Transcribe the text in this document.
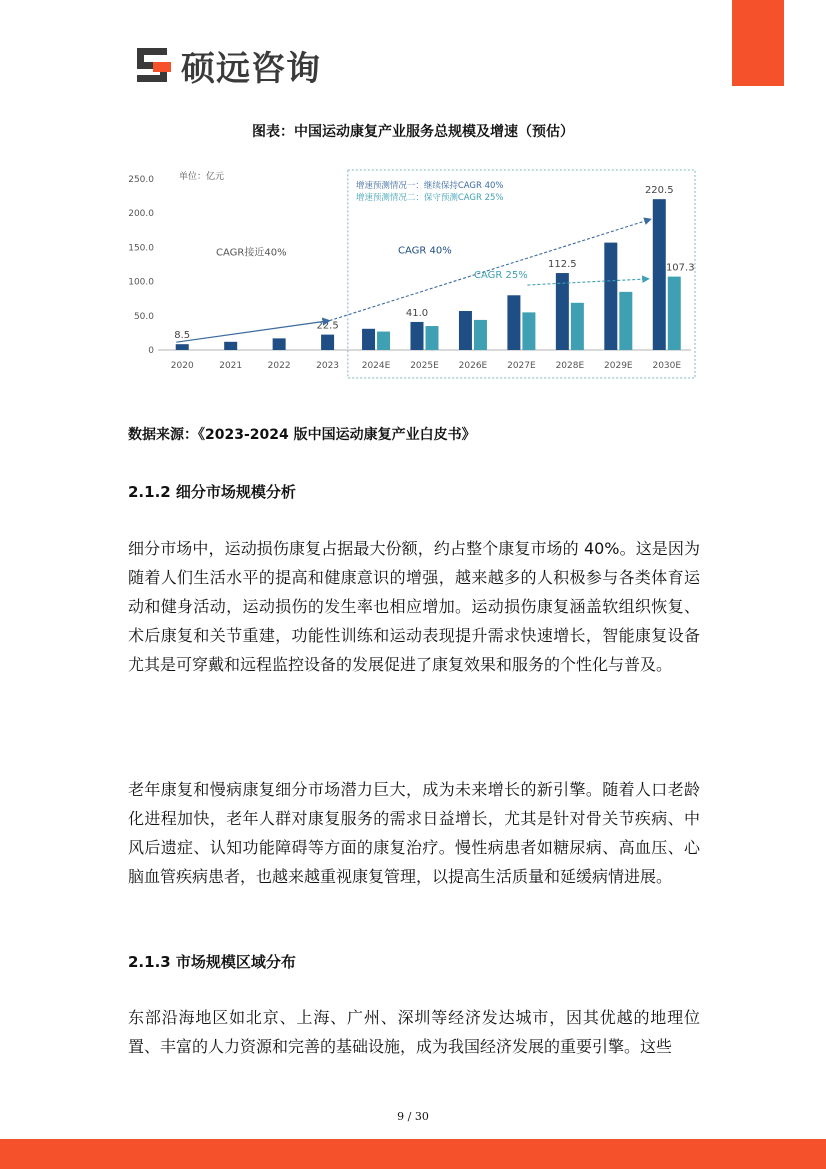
硕远咨询
图表：中国运动康复产业服务总规模及增速（预估）
0
50.0
100.0
150.0
200.0
250.0	单位：亿元
2020	2021	2022	2023	2024E 2025E 2026E 2027E 2028E 2029E 2030E
8.5
22.5
41.0
112.5
220.5
107.3
CAGR接近40%	CAGR 40%
CAGR 25%
增速预测情况一：继续保持CAGR 40%
增速预测情况二：保守预测CAGR 25%
数据来源：《2023-2024 版中国运动康复产业白皮书》
2.1.2 细分市场规模分析

细分市场中，运动损伤康复占据最大份额，约占整个康复市场的 40%。这是因为随着人们生活水平的提高和健康意识的增强，越来越多的人积极参与各类体育运动和健身活动，运动损伤的发生率也相应增加。运动损伤康复涵盖软组织恢复、术后康复和关节重建，功能性训练和运动表现提升需求快速增长，智能康复设备尤其是可穿戴和远程监控设备的发展促进了康复效果和服务的个性化与普及。

老年康复和慢病康复细分市场潜力巨大，成为未来增长的新引擎。随着人口老龄化进程加快，老年人群对康复服务的需求日益增长，尤其是针对骨关节疾病、中风后遗症、认知功能障碍等方面的康复治疗。慢性病患者如糖尿病、高血压、心脑血管疾病患者，也越来越重视康复管理，以提高生活质量和延缓病情进展。

2.1.3 市场规模区域分布

东部沿海地区如北京、上海、广州、深圳等经济发达城市，因其优越的地理位置、丰富的人力资源和完善的基础设施，成为我国经济发展的重要引擎。这些

9 / 30
